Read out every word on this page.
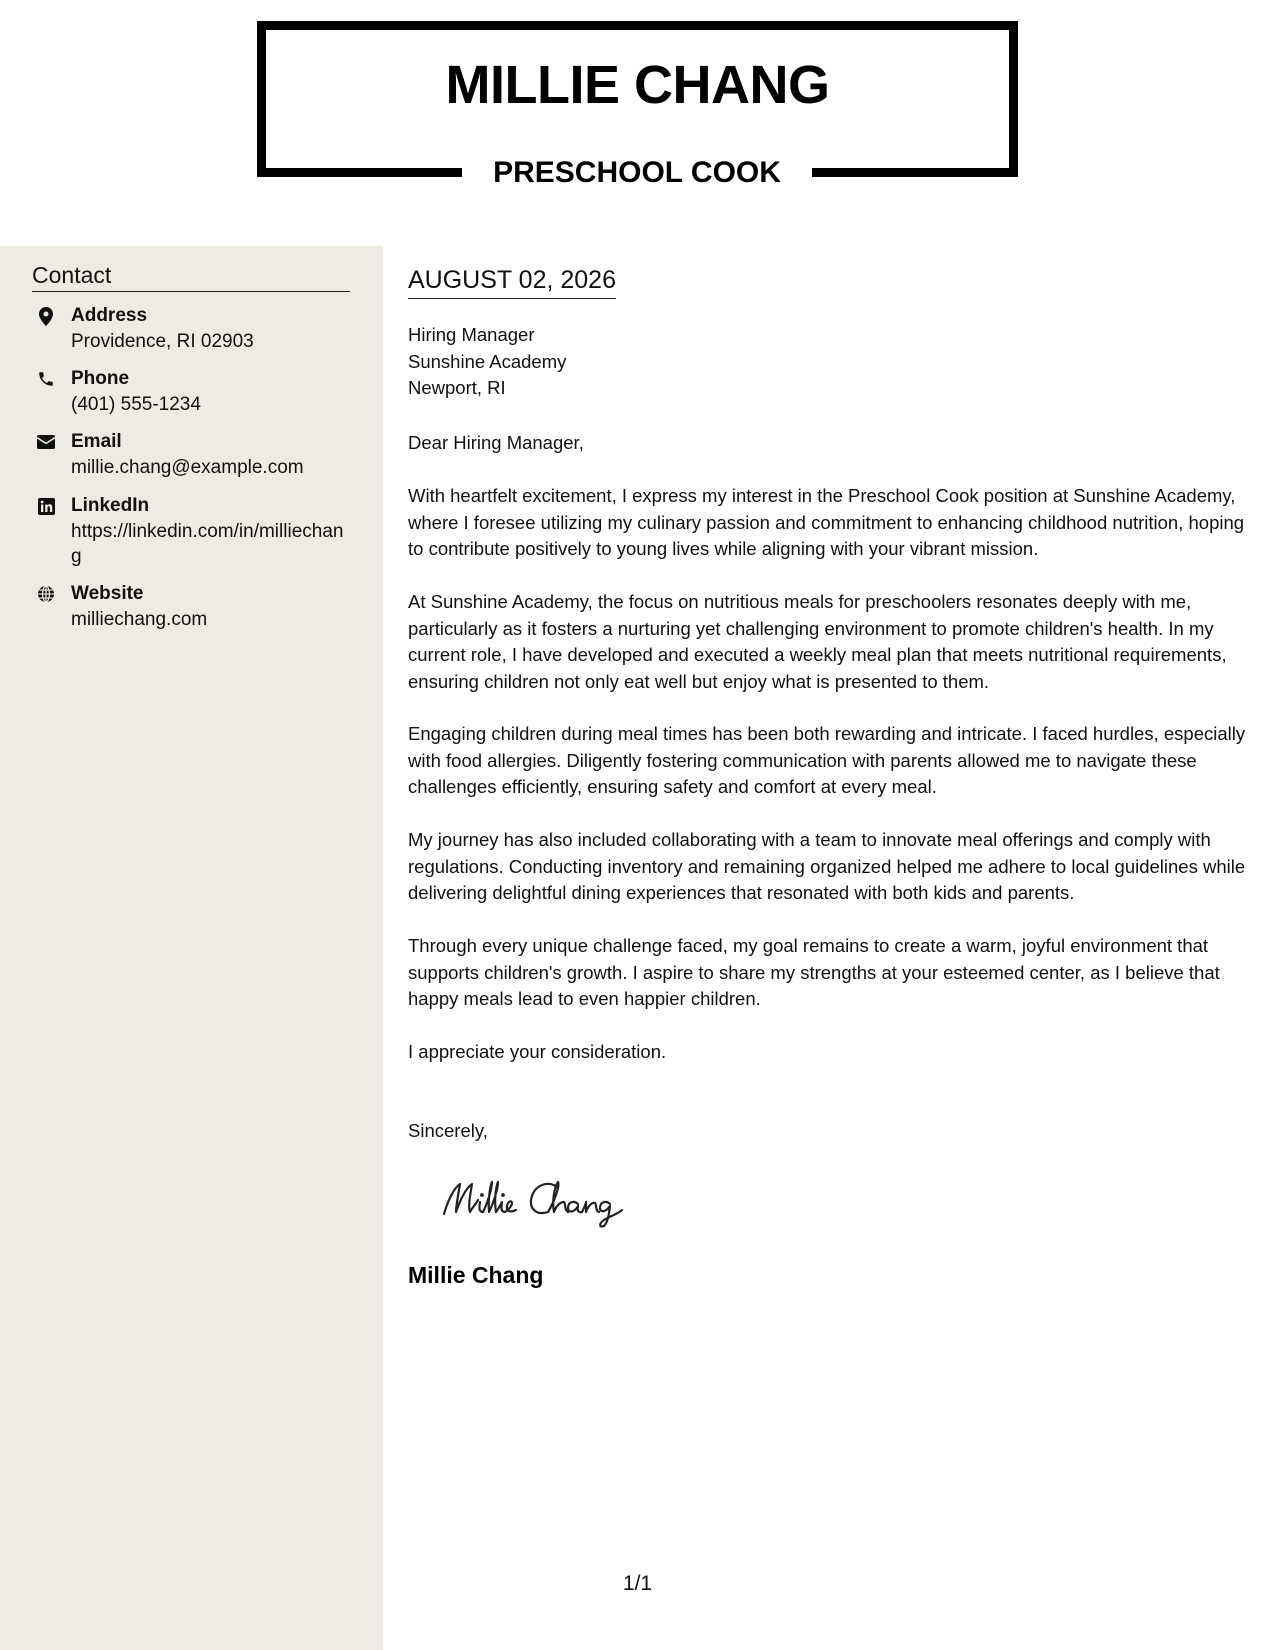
MILLIE CHANG
PRESCHOOL COOK
Contact
Address
Providence, RI 02903
Phone
(401) 555-1234
Email
millie.chang@example.com
LinkedIn
https://linkedin.com/in/milliechang
Website
milliechang.com
AUGUST 02, 2026
Hiring Manager
Sunshine Academy
Newport, RI

Dear Hiring Manager,

With heartfelt excitement, I express my interest in the Preschool Cook position at Sunshine Academy, where I foresee utilizing my culinary passion and commitment to enhancing childhood nutrition, hoping to contribute positively to young lives while aligning with your vibrant mission.

At Sunshine Academy, the focus on nutritious meals for preschoolers resonates deeply with me, particularly as it fosters a nurturing yet challenging environment to promote children's health. In my current role, I have developed and executed a weekly meal plan that meets nutritional requirements, ensuring children not only eat well but enjoy what is presented to them.

Engaging children during meal times has been both rewarding and intricate. I faced hurdles, especially with food allergies. Diligently fostering communication with parents allowed me to navigate these challenges efficiently, ensuring safety and comfort at every meal.

My journey has also included collaborating with a team to innovate meal offerings and comply with regulations. Conducting inventory and remaining organized helped me adhere to local guidelines while delivering delightful dining experiences that resonated with both kids and parents.

Through every unique challenge faced, my goal remains to create a warm, joyful environment that supports children's growth. I aspire to share my strengths at your esteemed center, as I believe that happy meals lead to even happier children.

I appreciate your consideration.

Sincerely,

Millie Chang
1/1
